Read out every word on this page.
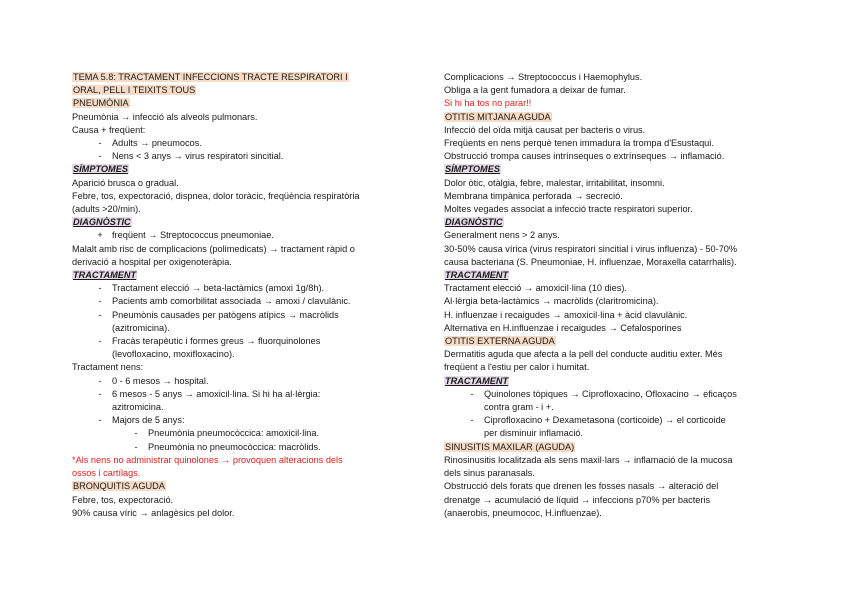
TEMA 5.8: TRACTAMENT INFECCIONS TRACTE RESPIRATORI I
ORAL, PELL I TEIXITS TOUS
PNEUMÒNIA
Pneumònia → infecció als alveols pulmonars.
Causa + freqüent:
-	Adults → pneumocos.
-	Nens < 3 anys → virus respiratori sincitial.
SÍMPTOMES
Aparició brusca o gradual.
Febre, tos, expectoració, dispnea, dolor toràcic, freqüència respiratòria
(adults >20/min).
DIAGNÒSTIC
+	freqüent → Streptococcus pneumoniae.
Malalt amb risc de complicacions (polimedicats) → tractament ràpid o
derivació a hospital per oxigenoteràpia.
TRACTAMENT
-	Tractament elecció → beta-lactàmics (amoxi 1g/8h).
-	Pacients amb comorbilitat associada → amoxi / clavulànic.
-	Pneumònis causades per patògens atípics → macròlids
(azitromicina).
-	Fracàs terapèutic i formes greus → fluorquinolones
(levofloxacino, moxifloxacino).
Tractament nens:
-	0 - 6 mesos → hospital.
-	6 mesos - 5 anys → amoxicil·lina. Si hi ha al·lèrgia:
azitromicina.
-	Majors de 5 anys:
-	Pneumònia pneumocòccica: amoxicil·lina.
-	Pneumònia no pneumocòccica: macròlids.
*Als nens no administrar quinolones → provoquen alteracions dels
ossos i cartílags.
BRONQUITIS AGUDA
Febre, tos, expectoració.
90% causa víric → anlagèsics pel dolor.
Complicacions → Streptococcus i Haemophylus.
Obliga a la gent fumadora a deixar de fumar.
Si hi ha tos no parar!!
OTITIS MITJANA AGUDA
Infecció del oïda mitjà causat per bacteris o virus.
Freqüents en nens perquè tenen immadura la trompa d'Esustaqui.
Obstrucció trompa causes intrínseques o extrínseques → inflamació.
SÍMPTOMES
Dolor òtic, otàlgia, febre, malestar, irritabilitat, insomni.
Membrana timpànica perforada → secreció.
Moltes vegades associat a infecció tracte respiratori superior.
DIAGNÒSTIC
Generalment nens > 2 anys.
30-50% causa vírica (virus respiratori sincitial i virus influenza) - 50-70%
causa bacteriana (S. Pneumoniae, H. influenzae, Moraxella catarrhalis).
TRACTAMENT
Tractament elecció → amoxicil·lina (10 dies).
Al·lèrgia beta-lactàmics → macròlids (claritromicina).
H. influenzae i recaigudes → amoxicil·lina + àcid clavulànic.
Alternativa en H.influenzae i recaigudes → Cefalosporines
OTITIS EXTERNA AGUDA
Dermatitis aguda que afecta a la pell del conducte auditiu exter. Més
freqüent a l'estiu per calor i humitat.
TRACTAMENT
-	Quinolones tòpiques → Ciprofloxacino, Ofloxacino → eficaços
contra gram - i +.
-	Ciprofloxacino + Dexametasona (corticoide) → el corticoide
per disminuir inflamació.
SINUSITIS MAXILAR (AGUDA)
Rinosinusitis localitzada als sens maxil·lars → inflamació de la mucosa
dels sinus paranasals.
Obstrucció dels forats que drenen les fosses nasals → alteració del
drenatge → acumulació de líquid → infeccions p70% per bacteris
(anaerobis, pneumococ, H.influenzae).
